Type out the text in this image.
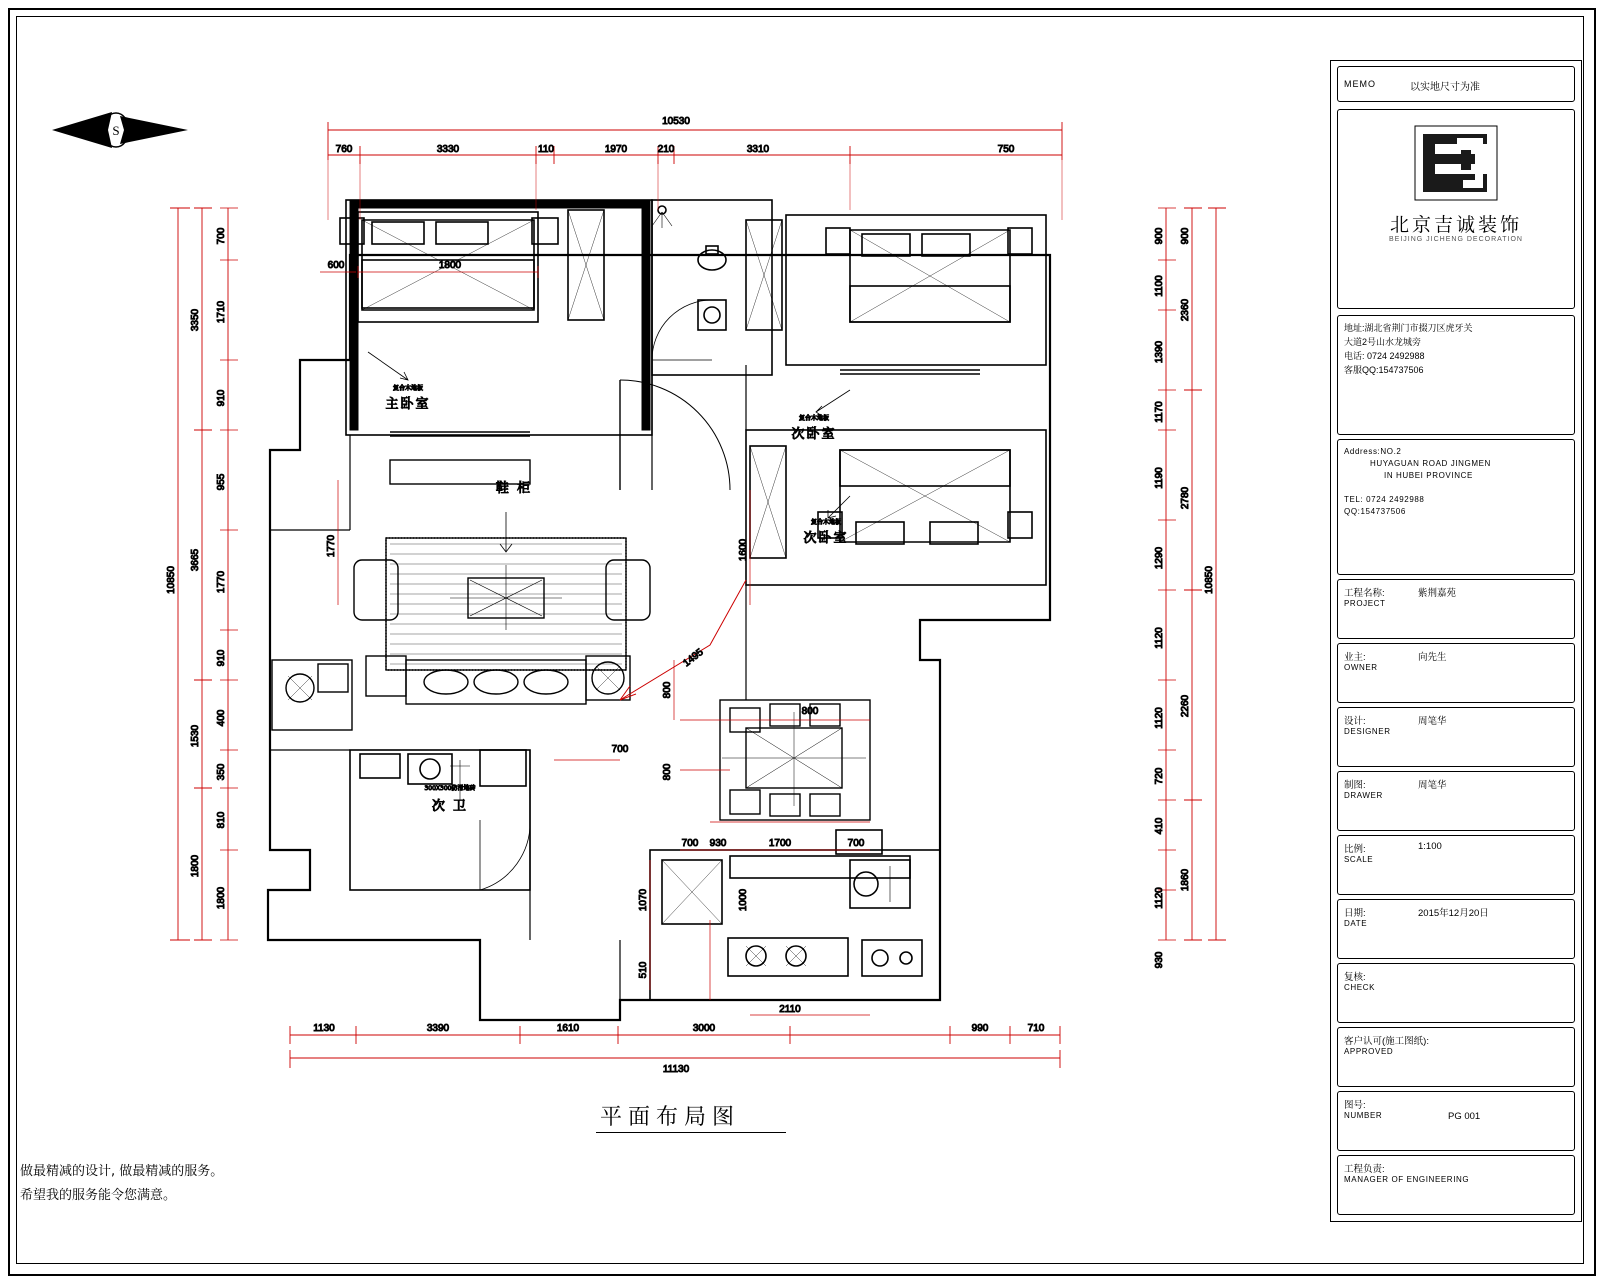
S
10530
760	3330	110	1970	210	3310	750
1130	3390	1610	3000	990	710
11130
10850
3350
3665
1530
1800
700
1710
910
955
1770
910
400
810
350
1800
900
1100
1390
1170
1190
1290
1120
1120
720
410
1120
930
900
2360
2780
2260
1860
10850
600	1800
1770	1600
1495
700
800
800
800
700 930	1700	700
1070	1000
510
2110
复合木地板
主卧室
复合木地板
次卧室
复合木地板
次卧室
300X300防滑地砖
次 卫
鞋 柜
平面布局图
做最精减的设计, 做最精减的服务。
希望我的服务能令您满意。
MEMO	以实地尺寸为准
北京吉诚装饰
BEIJING JICHENG DECORATION
地址:湖北省荆门市掇刀区虎牙关
大道2号山水龙城旁
电话: 0724 2492988
客服QQ:154737506
Address:NO.2
HUYAGUAN ROAD JINGMEN
IN HUBEI PROVINCE
TEL: 0724 2492988
QQ:154737506
工程名称:	紫荆嘉苑
PROJECT
业主:	向先生
OWNER
设计:	周笔华
DESIGNER
制图:	周笔华
DRAWER
比例:	1:100
SCALE
日期:	2015年12月20日
DATE
复核:
CHECK
客户认可(施工图纸):
APPROVED
图号:
NUMBER	PG 001
工程负责:
MANAGER OF ENGINEERING
